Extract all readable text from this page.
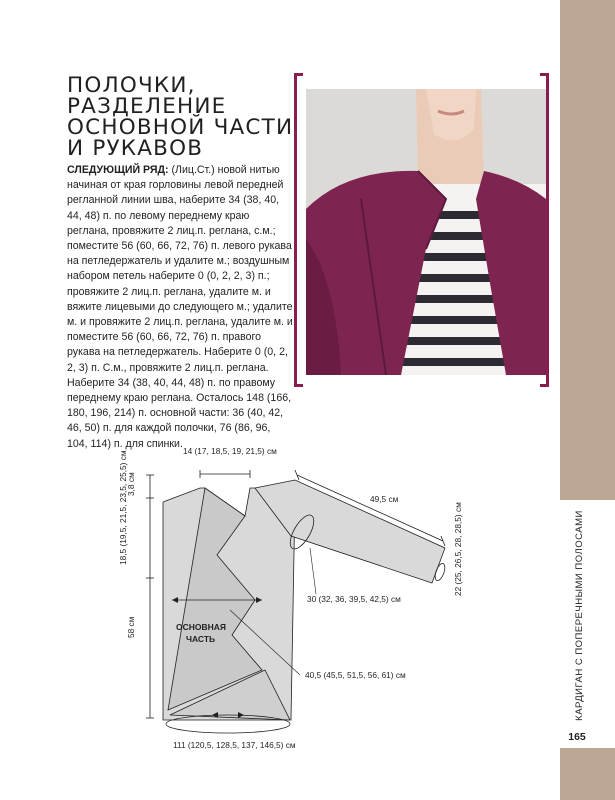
ПОЛОЧКИ,
РАЗДЕЛЕНИЕ
ОСНОВНОЙ ЧАСТИ
И РУКАВОВ
СЛЕДУЮЩИЙ РЯД: (Лиц.Ст.) новой нитью начиная от края горловины левой передней регланной линии шва, наберите 34 (38, 40, 44, 48) п. по левому переднему краю реглана, провяжите 2 лиц.п. реглана, с.м.; поместите 56 (60, 66, 72, 76) п. левого рукава на петледержатель и удалите м.; воздушным набором петель наберите 0 (0, 2, 2, 3) п.; провяжите 2 лиц.п. реглана, удалите м. и вяжите лицевыми до следующего м.; удалите м. и провяжите 2 лиц.п. реглана, удалите м. и поместите 56 (60, 66, 72, 76) п. правого рукава на петледержатель. Наберите 0 (0, 2, 2, 3) п. С.м., провяжите 2 лиц.п. реглана. Наберите 34 (38, 40, 44, 48) п. по правому переднему краю реглана. Осталось 148 (166, 180, 196, 214) п. основной части: 36 (40, 42, 46, 50) п. для каждой полочки, 76 (86, 96, 104, 114) п. для спинки.
14 (17, 18,5, 19, 21,5) см
3,8 см
18,5 (19,5, 21,5, 23,5, 25,5) см
58 см	ОСНОВНАЯ
ЧАСТЬ
40,5 (45,5, 51,5, 56, 61) см
111 (120,5, 128,5, 137, 146,5) см
49,5 см
30 (32, 36, 39,5, 42,5) см
22 (25, 26,5, 28, 28,5) см	КАРДИГАН С ПОПЕРЕЧНЫМИ ПОЛОСАМИ
165
